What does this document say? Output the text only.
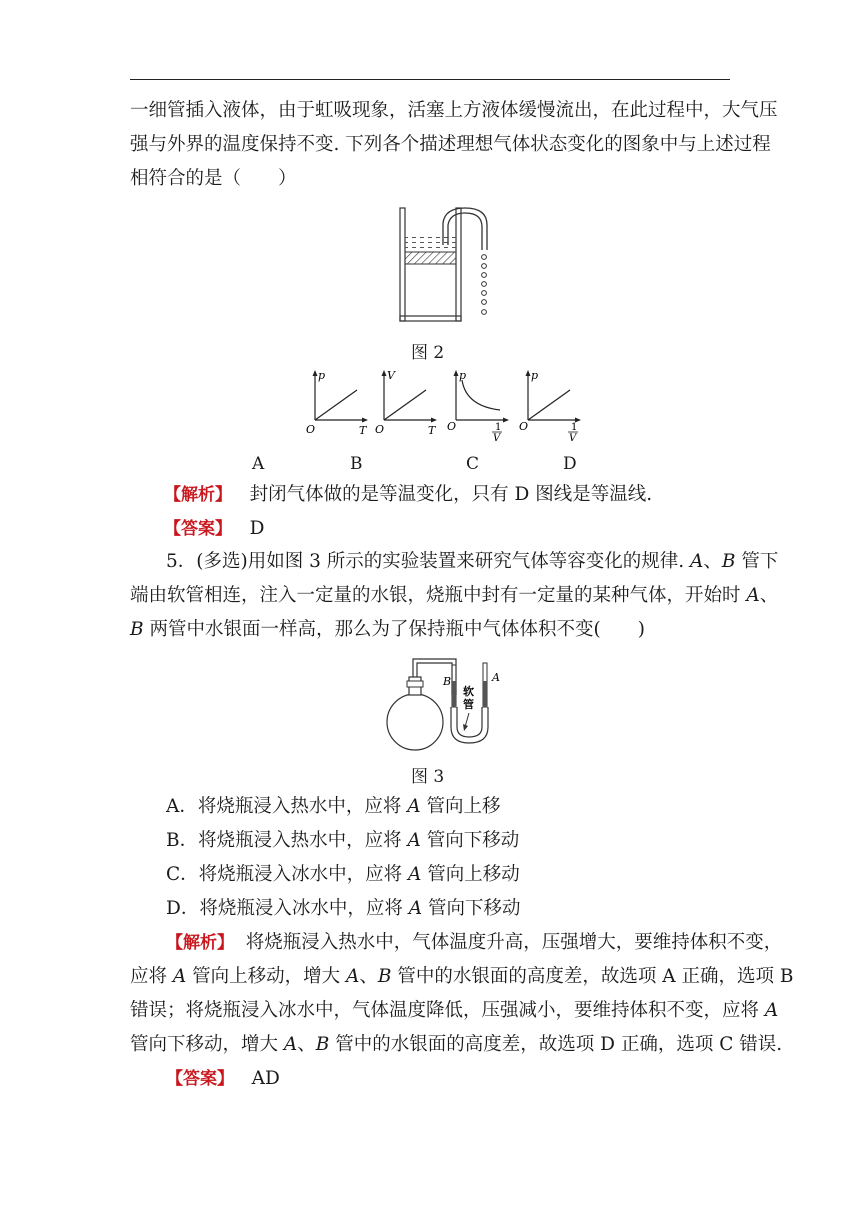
一细管插入液体，由于虹吸现象，活塞上方液体缓慢流出，在此过程中，大气压
强与外界的温度保持不变. 下列各个描述理想气体状态变化的图象中与上述过程
相符合的是（　　）
图 2
p
O	T
V
O	T
p
O	1
V
p
O	1
V
A	B	C	D
【解析】 封闭气体做的是等温变化，只有 D 图线是等温线.
【答案】 D
5．(多选)用如图 3 所示的实验装置来研究气体等容变化的规律. A、B 管下
端由软管相连，注入一定量的水银，烧瓶中封有一定量的某种气体，开始时 A、
B 两管中水银面一样高，那么为了保持瓶中气体体积不变(　　)
B	A
软
管
图 3
A．将烧瓶浸入热水中，应将 A 管向上移
B．将烧瓶浸入热水中，应将 A 管向下移动
C．将烧瓶浸入冰水中，应将 A 管向上移动
D．将烧瓶浸入冰水中，应将 A 管向下移动
【解析】 将烧瓶浸入热水中，气体温度升高，压强增大，要维持体积不变，
应将 A 管向上移动，增大 A、B 管中的水银面的高度差，故选项 A 正确，选项 B
错误；将烧瓶浸入冰水中，气体温度降低，压强减小，要维持体积不变，应将 A
管向下移动，增大 A、B 管中的水银面的高度差，故选项 D 正确，选项 C 错误.
【答案】 AD
